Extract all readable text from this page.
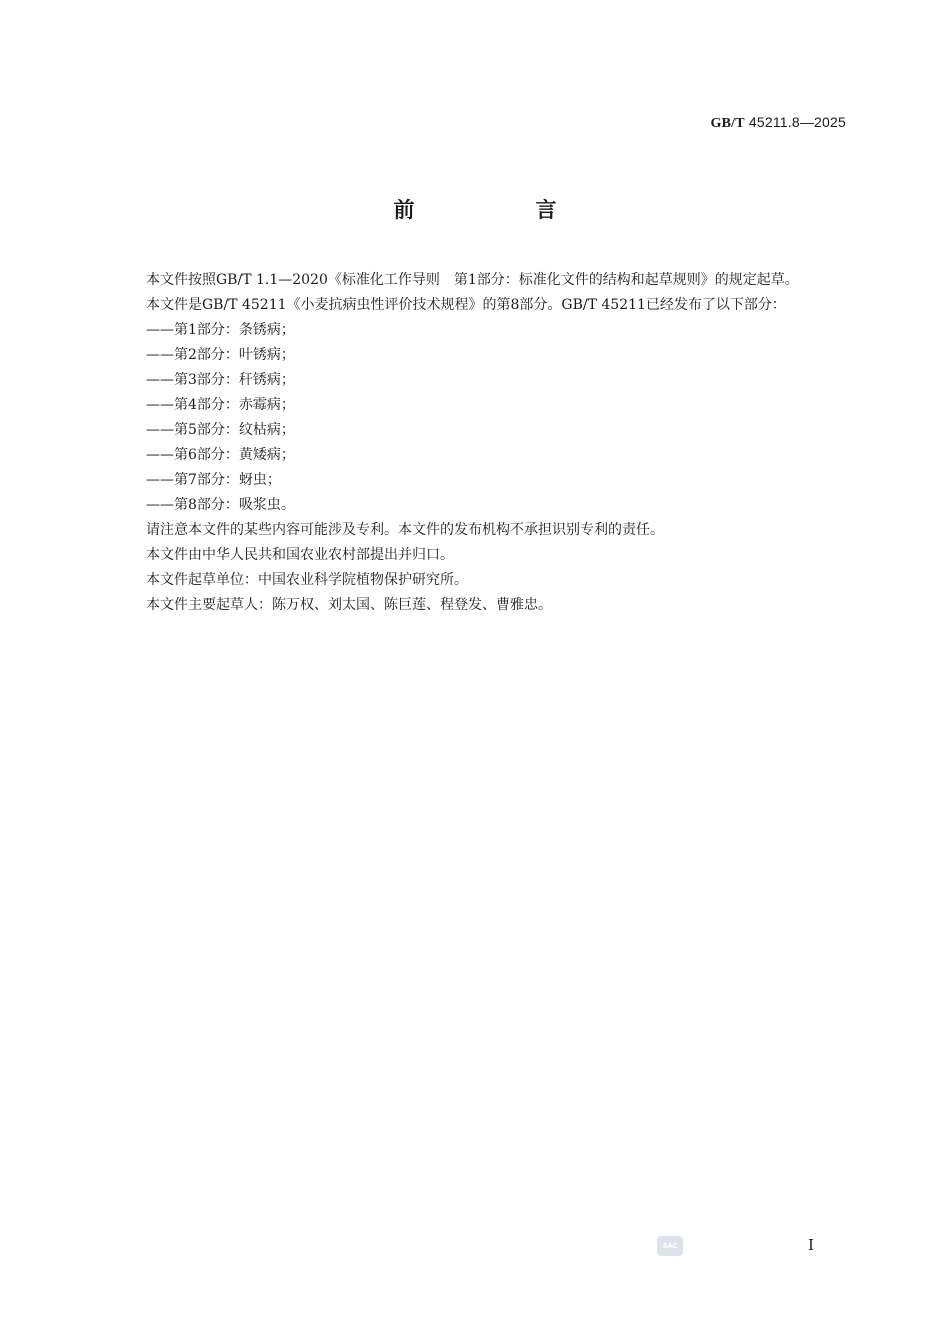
GB/T 45211.8—2025
前　言

本文件按照GB/T 1.1—2020《标准化工作导则　第1部分：标准化文件的结构和起草规则》的规定起草。

本文件是GB/T 45211《小麦抗病虫性评价技术规程》的第8部分。GB/T 45211已经发布了以下部分：

——第1部分：条锈病；
——第2部分：叶锈病；
——第3部分：秆锈病；
——第4部分：赤霉病；
——第5部分：纹枯病；
——第6部分：黄矮病；
——第7部分：蚜虫；
——第8部分：吸浆虫。

请注意本文件的某些内容可能涉及专利。本文件的发布机构不承担识别专利的责任。

本文件由中华人民共和国农业农村部提出并归口。

本文件起草单位：中国农业科学院植物保护研究所。

本文件主要起草人：陈万权、刘太国、陈巨莲、程登发、曹雅忠。

SAC	I
